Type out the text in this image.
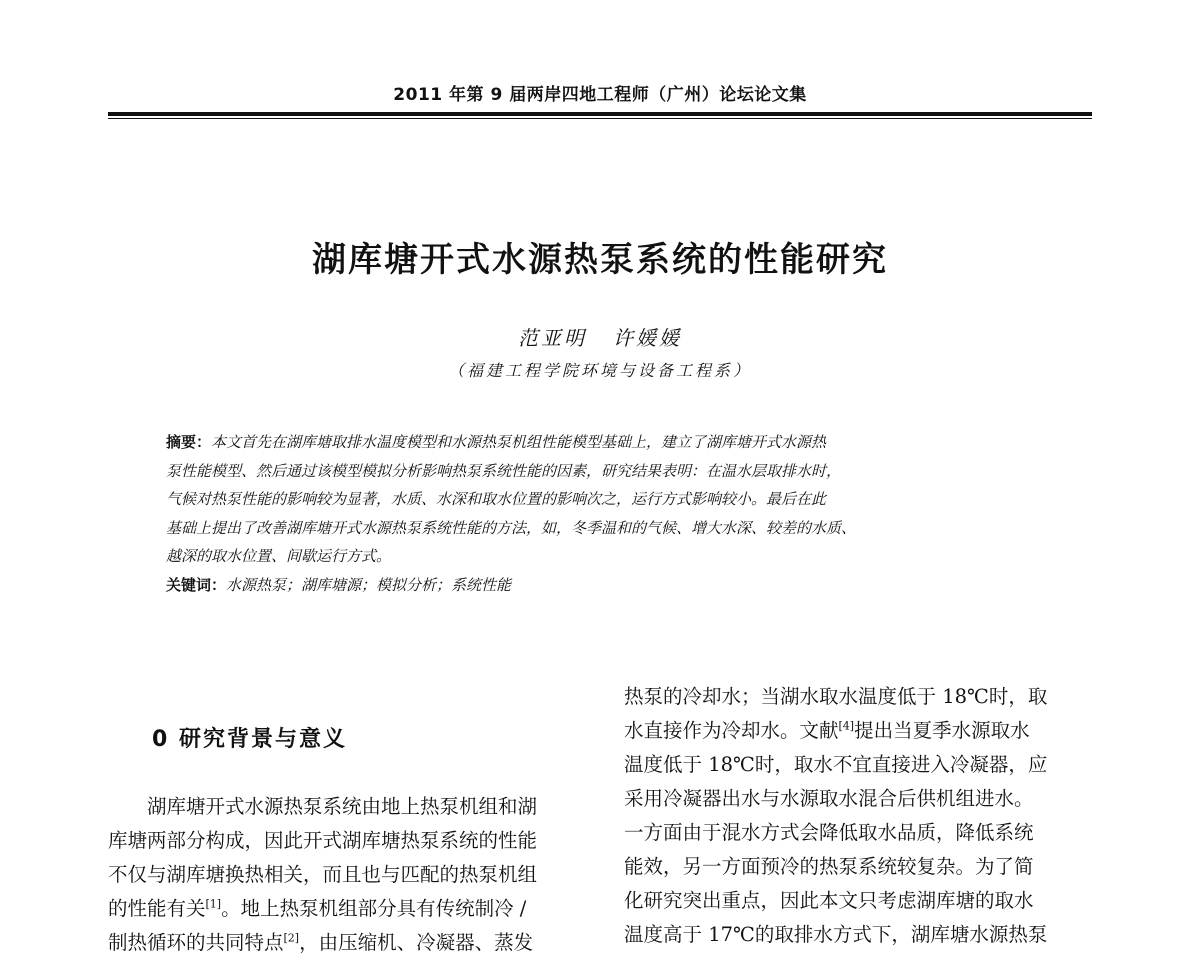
2011 年第 9 届两岸四地工程师（广州）论坛论文集
湖库塘开式水源热泵系统的性能研究
范亚明 许媛媛
（福建工程学院环境与设备工程系）

摘要：本文首先在湖库塘取排水温度模型和水源热泵机组性能模型基础上，建立了湖库塘开式水源热

泵性能模型、然后通过该模型模拟分析影响热泵系统性能的因素，研究结果表明：在温水层取排水时，

气候对热泵性能的影响较为显著，水质、水深和取水位置的影响次之，运行方式影响较小。最后在此

基础上提出了改善湖库塘开式水源热泵系统性能的方法，如，冬季温和的气候、增大水深、较差的水质、

越深的取水位置、间歇运行方式。

关键词：水源热泵；湖库塘源；模拟分析；系统性能

0 研究背景与意义

湖库塘开式水源热泵系统由地上热泵机组和湖

库塘两部分构成，因此开式湖库塘热泵系统的性能

不仅与湖库塘换热相关，而且也与匹配的热泵机组

的性能有关[1]。地上热泵机组部分具有传统制冷 /

制热循环的共同特点[2]，由压缩机、冷凝器、蒸发

热泵的冷却水；当湖水取水温度低于 18℃时，取

水直接作为冷却水。文献[4]提出当夏季水源取水

温度低于 18℃时，取水不宜直接进入冷凝器，应

采用冷凝器出水与水源取水混合后供机组进水。

一方面由于混水方式会降低取水品质，降低系统

能效，另一方面预冷的热泵系统较复杂。为了简

化研究突出重点，因此本文只考虑湖库塘的取水

温度高于 17℃的取排水方式下，湖库塘水源热泵
